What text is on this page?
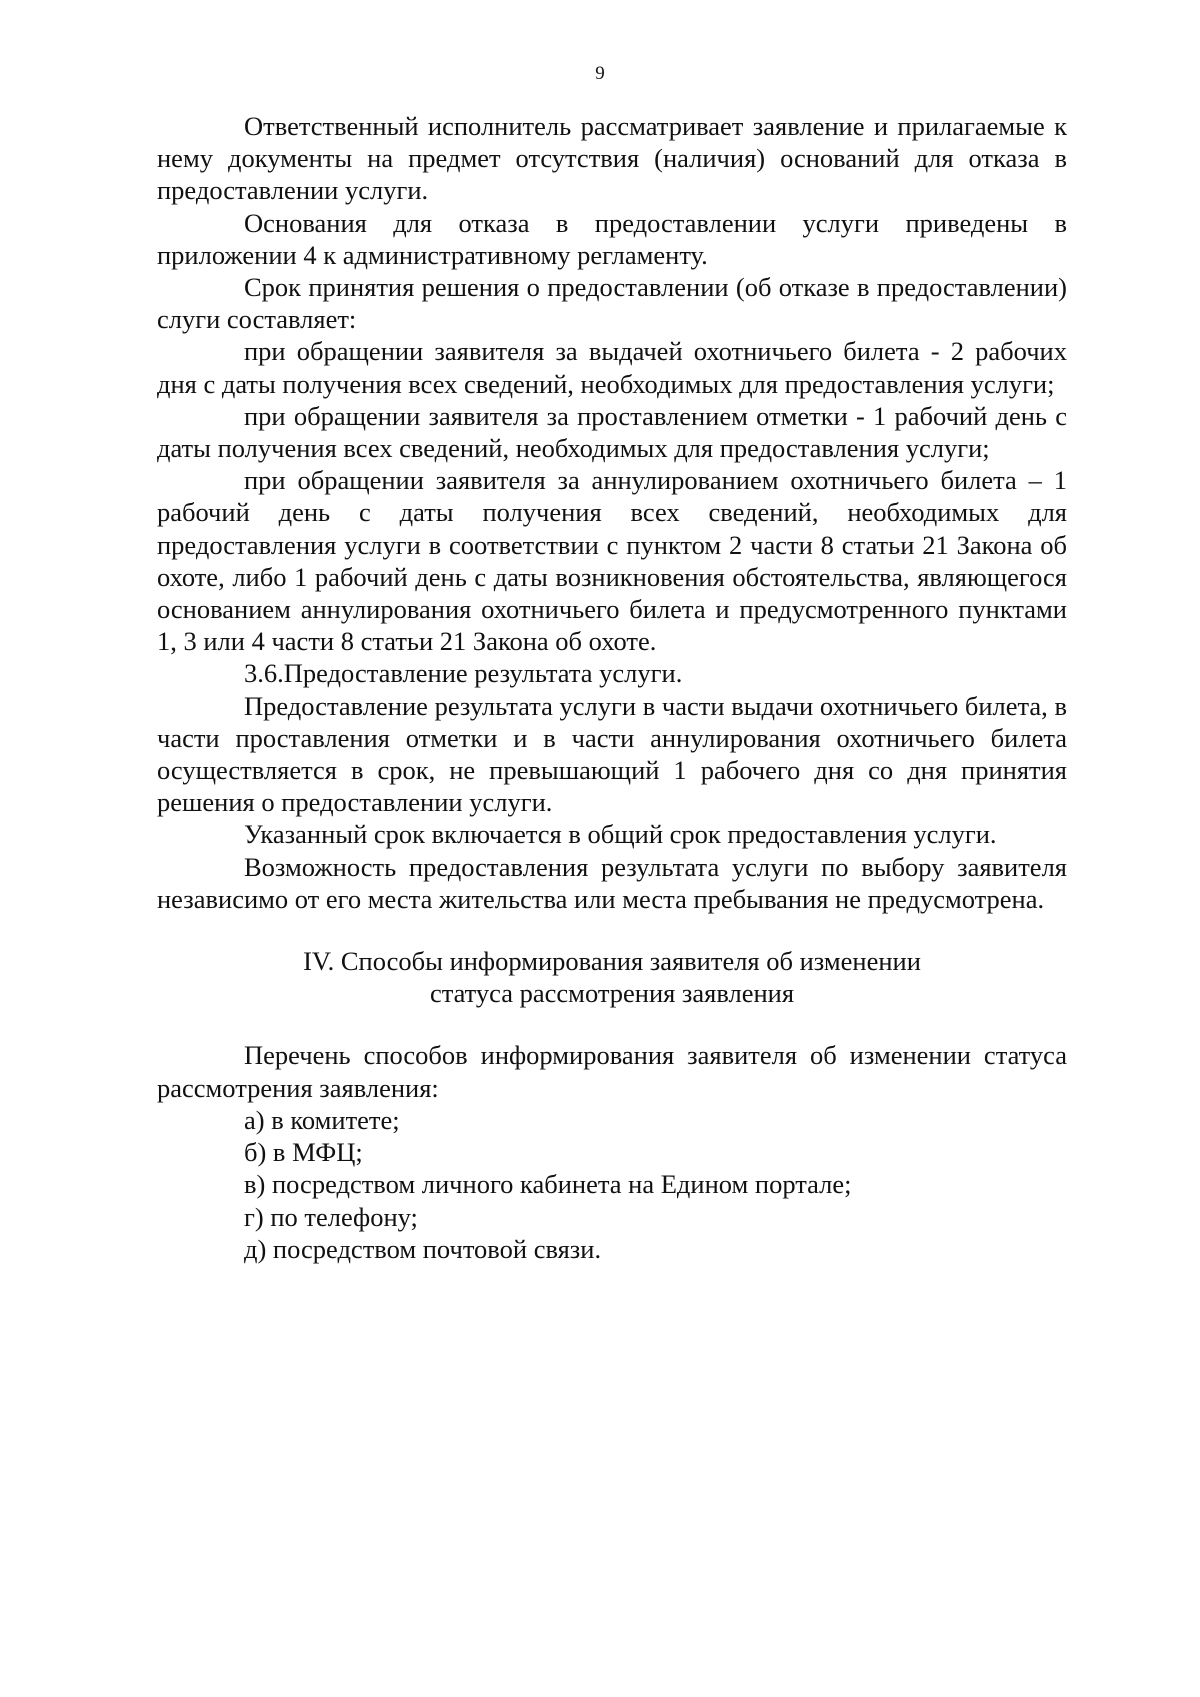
9

Ответственный исполнитель рассматривает заявление и прилагаемые к нему документы на предмет отсутствия (наличия) оснований для отказа в предоставлении услуги.

Основания для отказа в предоставлении услуги приведены в приложении 4 к административному регламенту.

Срок принятия решения о предоставлении (об отказе в предоставлении) слуги составляет:

при обращении заявителя за выдачей охотничьего билета - 2 рабочих дня с даты получения всех сведений, необходимых для предоставления услуги;

при обращении заявителя за проставлением отметки - 1 рабочий день с даты получения всех сведений, необходимых для предоставления услуги;

при обращении заявителя за аннулированием охотничьего билета – 1 рабочий день с даты получения всех сведений, необходимых для предоставления услуги в соответствии с пунктом 2 части 8 статьи 21 Закона об охоте, либо 1 рабочий день с даты возникновения обстоятельства, являющегося основанием аннулирования охотничьего билета и предусмотренного пунктами 1, 3 или 4 части 8 статьи 21 Закона об охоте.

3.6.Предоставление результата услуги.

Предоставление результата услуги в части выдачи охотничьего билета, в части проставления отметки и в части аннулирования охотничьего билета осуществляется в срок, не превышающий 1 рабочего дня со дня принятия решения о предоставлении услуги.

Указанный срок включается в общий срок предоставления услуги.

Возможность предоставления результата услуги по выбору заявителя независимо от его места жительства или места пребывания не предусмотрена.

IV. Способы информирования заявителя об изменении
статуса рассмотрения заявления

Перечень способов информирования заявителя об изменении статуса рассмотрения заявления:

а) в комитете;
б) в МФЦ;
в) посредством личного кабинета на Едином портале;
г) по телефону;
д) посредством почтовой связи.
